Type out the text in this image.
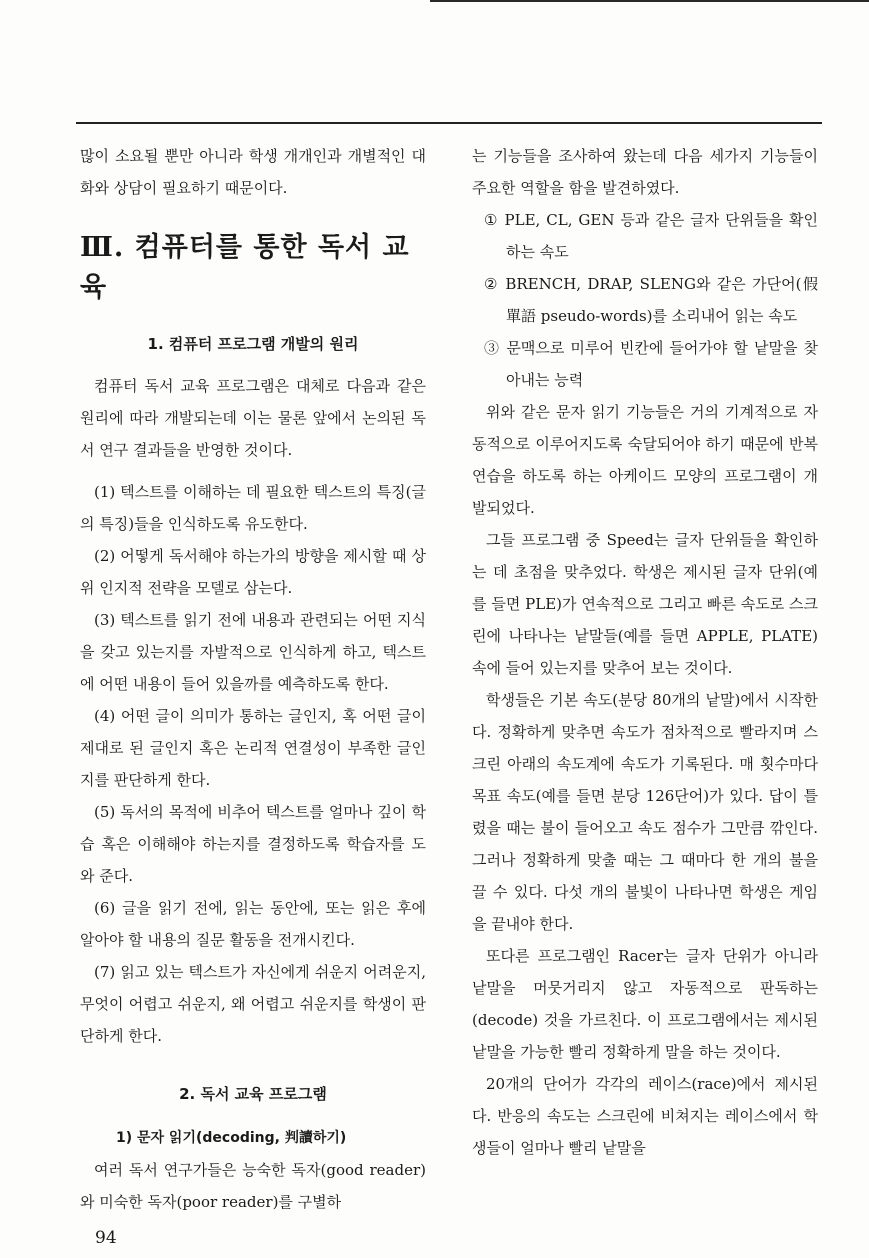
많이 소요될 뿐만 아니라 학생 개개인과 개별적인 대화와 상담이 필요하기 때문이다.

Ⅲ. 컴퓨터를 통한 독서 교육
1. 컴퓨터 프로그램 개발의 원리

컴퓨터 독서 교육 프로그램은 대체로 다음과 같은 원리에 따라 개발되는데 이는 물론 앞에서 논의된 독서 연구 결과들을 반영한 것이다.

(1) 텍스트를 이해하는 데 필요한 텍스트의 특징(글의 특징)들을 인식하도록 유도한다.

(2) 어떻게 독서해야 하는가의 방향을 제시할 때 상위 인지적 전략을 모델로 삼는다.

(3) 텍스트를 읽기 전에 내용과 관련되는 어떤 지식을 갖고 있는지를 자발적으로 인식하게 하고, 텍스트에 어떤 내용이 들어 있을까를 예측하도록 한다.

(4) 어떤 글이 의미가 통하는 글인지, 혹 어떤 글이 제대로 된 글인지 혹은 논리적 연결성이 부족한 글인지를 판단하게 한다.

(5) 독서의 목적에 비추어 텍스트를 얼마나 깊이 학습 혹은 이해해야 하는지를 결정하도록 학습자를 도와 준다.

(6) 글을 읽기 전에, 읽는 동안에, 또는 읽은 후에 알아야 할 내용의 질문 활동을 전개시킨다.

(7) 읽고 있는 텍스트가 자신에게 쉬운지 어려운지, 무엇이 어렵고 쉬운지, 왜 어렵고 쉬운지를 학생이 판단하게 한다.

2. 독서 교육 프로그램
1) 문자 읽기(decoding, 判讀하기)

여러 독서 연구가들은 능숙한 독자(good reader)와 미숙한 독자(poor reader)를 구별하

는 기능들을 조사하여 왔는데 다음 세가지 기능들이 주요한 역할을 함을 발견하였다.

① PLE, CL, GEN 등과 같은 글자 단위들을 확인하는 속도

② BRENCH, DRAP, SLENG와 같은 가단어(假單語 pseudo-words)를 소리내어 읽는 속도

③ 문맥으로 미루어 빈칸에 들어가야 할 낱말을 찾아내는 능력

위와 같은 문자 읽기 기능들은 거의 기계적으로 자동적으로 이루어지도록 숙달되어야 하기 때문에 반복 연습을 하도록 하는 아케이드 모양의 프로그램이 개발되었다.

그들 프로그램 중 Speed는 글자 단위들을 확인하는 데 초점을 맞추었다. 학생은 제시된 글자 단위(예를 들면 PLE)가 연속적으로 그리고 빠른 속도로 스크린에 나타나는 낱말들(예를 들면 APPLE, PLATE) 속에 들어 있는지를 맞추어 보는 것이다.

학생들은 기본 속도(분당 80개의 낱말)에서 시작한다. 정확하게 맞추면 속도가 점차적으로 빨라지며 스크린 아래의 속도계에 속도가 기록된다. 매 횟수마다 목표 속도(예를 들면 분당 126단어)가 있다. 답이 틀렸을 때는 불이 들어오고 속도 점수가 그만큼 깎인다. 그러나 정확하게 맞출 때는 그 때마다 한 개의 불을 끌 수 있다. 다섯 개의 불빛이 나타나면 학생은 게임을 끝내야 한다.

또다른 프로그램인 Racer는 글자 단위가 아니라 낱말을 머뭇거리지 않고 자동적으로 판독하는(decode) 것을 가르친다. 이 프로그램에서는 제시된 낱말을 가능한 빨리 정확하게 말을 하는 것이다.

20개의 단어가 각각의 레이스(race)에서 제시된다. 반응의 속도는 스크린에 비쳐지는 레이스에서 학생들이 얼마나 빨리 낱말을

94
